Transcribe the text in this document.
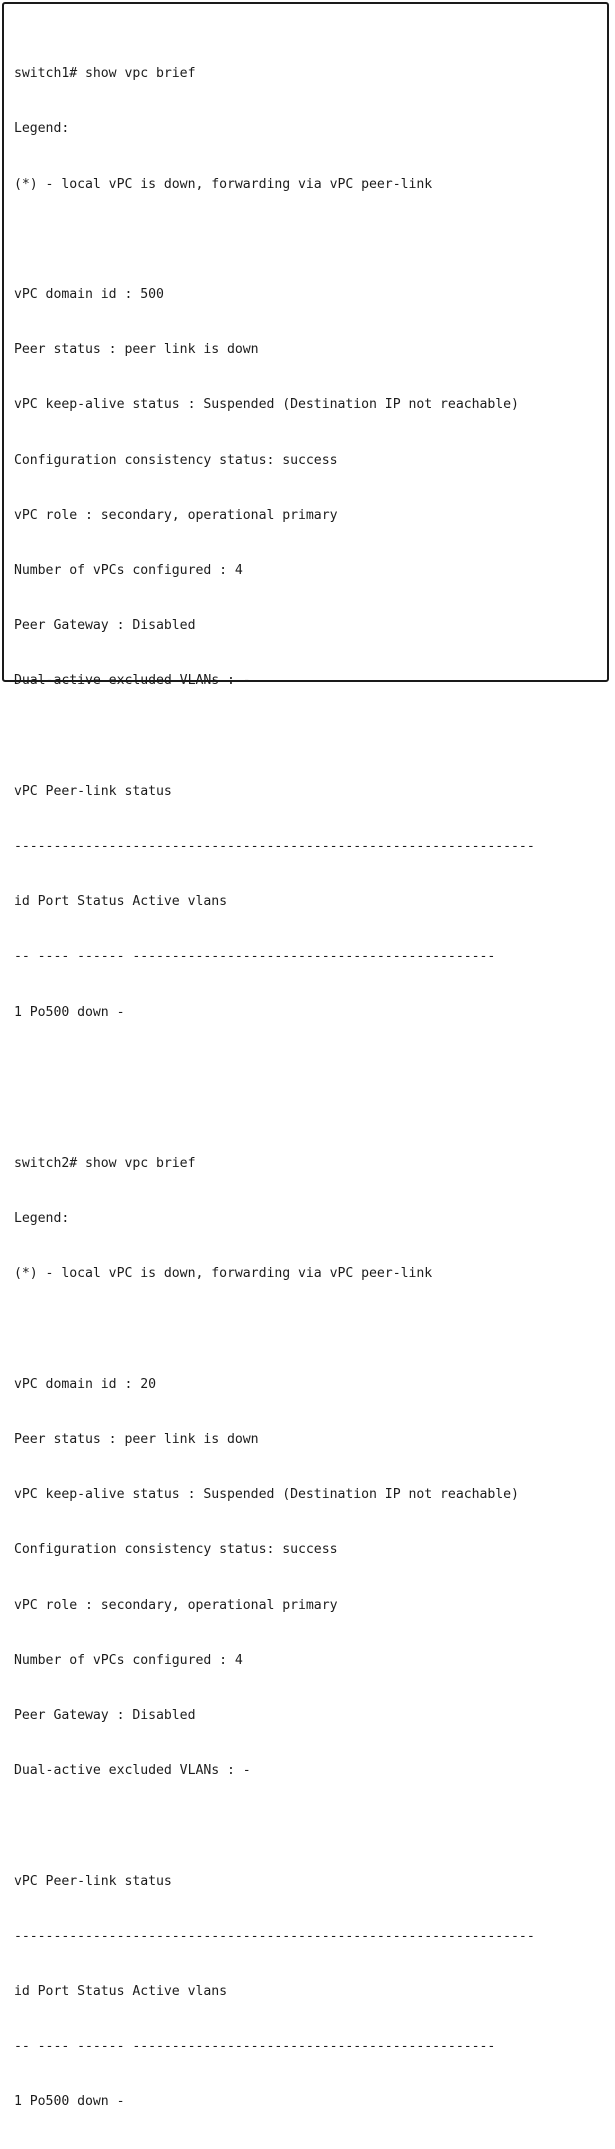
switch1# show vpc brief

Legend:

(*) - local vPC is down, forwarding via vPC peer-link

vPC domain id : 500

Peer status : peer link is down

vPC keep-alive status : Suspended (Destination IP not reachable)

Configuration consistency status: success

vPC role : secondary, operational primary

Number of vPCs configured : 4

Peer Gateway : Disabled

Dual-active excluded VLANs : -

vPC Peer-link status

------------------------------------------------------------------

id Port Status Active vlans

-- ---- ------ ----------------------------------------------

1 Po500 down -

switch2# show vpc brief

Legend:

(*) - local vPC is down, forwarding via vPC peer-link

vPC domain id : 20

Peer status : peer link is down

vPC keep-alive status : Suspended (Destination IP not reachable)

Configuration consistency status: success

vPC role : secondary, operational primary

Number of vPCs configured : 4

Peer Gateway : Disabled

Dual-active excluded VLANs : -

vPC Peer-link status

------------------------------------------------------------------

id Port Status Active vlans

-- ---- ------ ----------------------------------------------

1 Po500 down -
